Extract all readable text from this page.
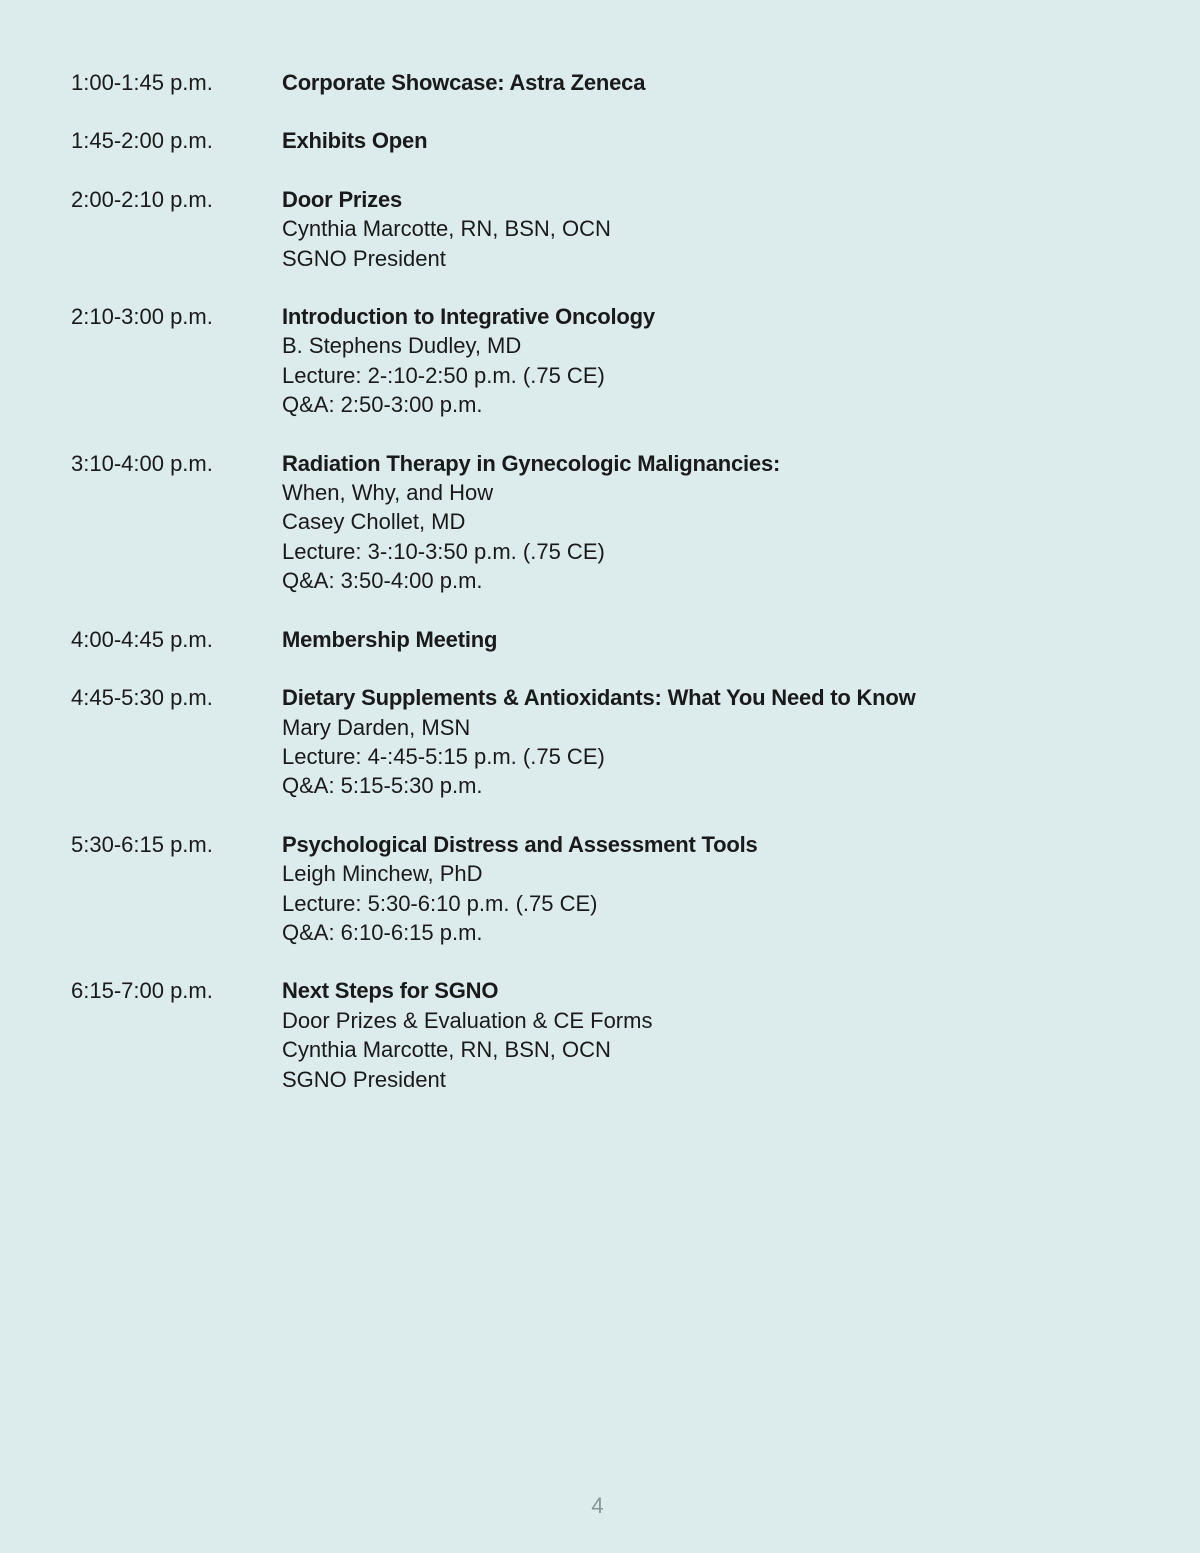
1:00-1:45 p.m.	Corporate Showcase: Astra Zeneca
1:45-2:00 p.m.	Exhibits Open
2:00-2:10 p.m.	Door Prizes
Cynthia Marcotte, RN, BSN, OCN
SGNO President
2:10-3:00 p.m.	Introduction to Integrative Oncology
B. Stephens Dudley, MD
Lecture: 2-:10-2:50 p.m. (.75 CE)
Q&A: 2:50-3:00 p.m.
3:10-4:00 p.m.	Radiation Therapy in Gynecologic Malignancies:
When, Why, and How
Casey Chollet, MD
Lecture: 3-:10-3:50 p.m. (.75 CE)
Q&A: 3:50-4:00 p.m.
4:00-4:45 p.m.	Membership Meeting
4:45-5:30 p.m.	Dietary Supplements & Antioxidants: What You Need to Know
Mary Darden, MSN
Lecture: 4-:45-5:15 p.m. (.75 CE)
Q&A: 5:15-5:30 p.m.
5:30-6:15 p.m.	Psychological Distress and Assessment Tools
Leigh Minchew, PhD
Lecture: 5:30-6:10 p.m. (.75 CE)
Q&A: 6:10-6:15 p.m.
6:15-7:00 p.m.	Next Steps for SGNO
Door Prizes & Evaluation & CE Forms
Cynthia Marcotte, RN, BSN, OCN
SGNO President
4
